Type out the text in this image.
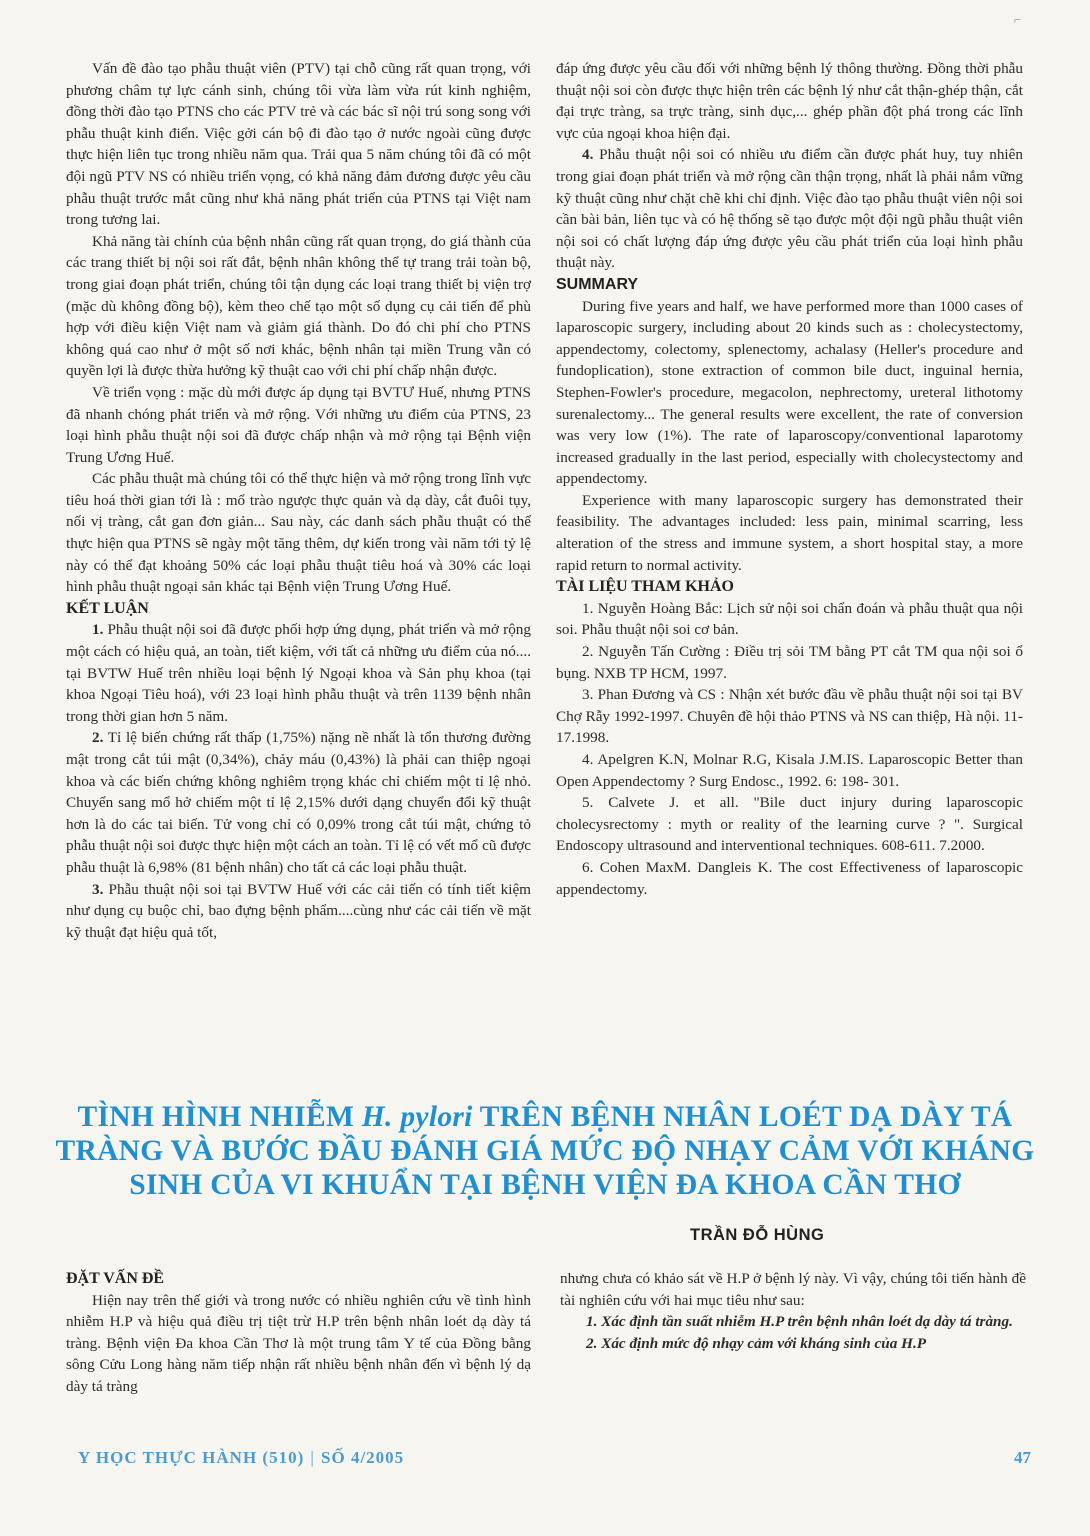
⌐

Vấn đề đào tạo phẫu thuật viên (PTV) tại chỗ cũng rất quan trọng, với phương châm tự lực cánh sinh, chúng tôi vừa làm vừa rút kinh nghiệm, đồng thời đào tạo PTNS cho các PTV trẻ và các bác sĩ nội trú song song với phẫu thuật kinh điển. Việc gởi cán bộ đi đào tạo ở nước ngoài cũng được thực hiện liên tục trong nhiều năm qua. Trải qua 5 năm chúng tôi đã có một đội ngũ PTV NS có nhiều triển vọng, có khả năng đảm đương được yêu cầu phẫu thuật trước mắt cũng như khả năng phát triển của PTNS tại Việt nam trong tương lai.

Khả năng tài chính của bệnh nhân cũng rất quan trọng, do giá thành của các trang thiết bị nội soi rất đắt, bệnh nhân không thể tự trang trải toàn bộ, trong giai đoạn phát triển, chúng tôi tận dụng các loại trang thiết bị viện trợ (mặc dù không đồng bộ), kèm theo chế tạo một số dụng cụ cải tiến để phù hợp với điều kiện Việt nam và giảm giá thành. Do đó chi phí cho PTNS không quá cao như ở một số nơi khác, bệnh nhân tại miền Trung vẫn có quyền lợi là được thừa hưởng kỹ thuật cao với chi phí chấp nhận được.

Về triển vọng : mặc dù mới được áp dụng tại BVTƯ Huế, nhưng PTNS đã nhanh chóng phát triển và mở rộng. Với những ưu điểm của PTNS, 23 loại hình phẫu thuật nội soi đã được chấp nhận và mở rộng tại Bệnh viện Trung Ương Huế.

Các phẫu thuật mà chúng tôi có thể thực hiện và mở rộng trong lĩnh vực tiêu hoá thời gian tới là : mổ trào ngược thực quản và dạ dày, cắt đuôi tụy, nối vị tràng, cắt gan đơn giản... Sau này, các danh sách phẫu thuật có thể thực hiện qua PTNS sẽ ngày một tăng thêm, dự kiến trong vài năm tới tỷ lệ này có thể đạt khoảng 50% các loại phẫu thuật tiêu hoá và 30% các loại hình phẫu thuật ngoại sản khác tại Bệnh viện Trung Ương Huế.

KẾT LUẬN

1. Phẫu thuật nội soi đã được phối hợp ứng dụng, phát triển và mở rộng một cách có hiệu quả, an toàn, tiết kiệm, với tất cả những ưu điểm của nó.... tại BVTW Huế trên nhiều loại bệnh lý Ngoại khoa và Sản phụ khoa (tại khoa Ngoại Tiêu hoá), với 23 loại hình phẫu thuật và trên 1139 bệnh nhân trong thời gian hơn 5 năm.

2. Tỉ lệ biến chứng rất thấp (1,75%) nặng nề nhất là tổn thương đường mật trong cắt túi mật (0,34%), chảy máu (0,43%) là phải can thiệp ngoại khoa và các biến chứng không nghiêm trọng khác chỉ chiếm một tỉ lệ nhỏ. Chuyển sang mổ hở chiếm một tỉ lệ 2,15% dưới dạng chuyển đổi kỹ thuật hơn là do các tai biến. Tử vong chỉ có 0,09% trong cắt túi mật, chứng tỏ phẫu thuật nội soi được thực hiện một cách an toàn. Tỉ lệ có vết mổ cũ được phẫu thuật là 6,98% (81 bệnh nhân) cho tất cả các loại phẫu thuật.

3. Phẫu thuật nội soi tại BVTW Huế với các cải tiến có tính tiết kiệm như dụng cụ buộc chỉ, bao đựng bệnh phẩm....cùng như các cải tiến về mặt kỹ thuật đạt hiệu quả tốt,

đáp ứng được yêu cầu đối với những bệnh lý thông thường. Đồng thời phẫu thuật nội soi còn được thực hiện trên các bệnh lý như cắt thận-ghép thận, cắt đại trực tràng, sa trực tràng, sinh dục,... ghép phần đột phá trong các lĩnh vực của ngoại khoa hiện đại.

4. Phẫu thuật nội soi có nhiều ưu điểm cần được phát huy, tuy nhiên trong giai đoạn phát triển và mở rộng cần thận trọng, nhất là phải nắm vững kỹ thuật cũng như chặt chẽ khi chỉ định. Việc đào tạo phẫu thuật viên nội soi cần bài bản, liên tục và có hệ thống sẽ tạo được một đội ngũ phẫu thuật viên nội soi có chất lượng đáp ứng được yêu cầu phát triển của loại hình phẫu thuật này.

SUMMARY

During five years and half, we have performed more than 1000 cases of laparoscopic surgery, including about 20 kinds such as : cholecystectomy, appendectomy, colectomy, splenectomy, achalasy (Heller's procedure and fundoplication), stone extraction of common bile duct, inguinal hernia, Stephen-Fowler's procedure, megacolon, nephrectomy, ureteral lithotomy surenalectomy... The general results were excellent, the rate of conversion was very low (1%). The rate of laparoscopy/conventional laparotomy increased gradually in the last period, especially with cholecystectomy and appendectomy.

Experience with many laparoscopic surgery has demonstrated their feasibility. The advantages included: less pain, minimal scarring, less alteration of the stress and immune system, a short hospital stay, a more rapid return to normal activity.

TÀI LIỆU THAM KHẢO

1. Nguyễn Hoàng Bắc: Lịch sử nội soi chẩn đoán và phẫu thuật qua nội soi. Phẫu thuật nội soi cơ bản.

2. Nguyễn Tấn Cường : Điều trị sỏi TM bằng PT cắt TM qua nội soi ổ bụng. NXB TP HCM, 1997.

3. Phan Đương và CS : Nhận xét bước đầu về phẫu thuật nội soi tại BV Chợ Rẫy 1992-1997. Chuyên đề hội thảo PTNS và NS can thiệp, Hà nội. 11-17.1998.

4. Apelgren K.N, Molnar R.G, Kisala J.M.IS. Laparoscopic Better than Open Appendectomy ? Surg Endosc., 1992. 6: 198- 301.

5. Calvete J. et all. "Bile duct injury during laparoscopic cholecysrectomy : myth or reality of the learning curve ? ". Surgical Endoscopy ultrasound and interventional techniques. 608-611. 7.2000.

6. Cohen MaxM. Dangleis K. The cost Effectiveness of laparoscopic appendectomy.

TÌNH HÌNH NHIỄM H. pylori TRÊN BỆNH NHÂN LOÉT DẠ DÀY TÁ TRÀNG VÀ BƯỚC ĐẦU ĐÁNH GIÁ MỨC ĐỘ NHẠY CẢM VỚI KHÁNG SINH CỦA VI KHUẨN TẠI BỆNH VIỆN ĐA KHOA CẦN THƠ
TRẦN ĐỖ HÙNG

ĐẶT VẤN ĐỀ

Hiện nay trên thế giới và trong nước có nhiều nghiên cứu về tình hình nhiễm H.P và hiệu quả điều trị tiệt trừ H.P trên bệnh nhân loét dạ dày tá tràng. Bệnh viện Đa khoa Cần Thơ là một trung tâm Y tế của Đồng bằng sông Cửu Long hàng năm tiếp nhận rất nhiều bệnh nhân đến vì bệnh lý dạ dày tá tràng

nhưng chưa có khảo sát về H.P ở bệnh lý này. Vì vậy, chúng tôi tiến hành đề tài nghiên cứu với hai mục tiêu như sau:

1. Xác định tần suất nhiễm H.P trên bệnh nhân loét dạ dày tá tràng.

2. Xác định mức độ nhạy cảm với kháng sinh của H.P

Y HỌC THỰC HÀNH (510) | SỐ 4/2005	47
